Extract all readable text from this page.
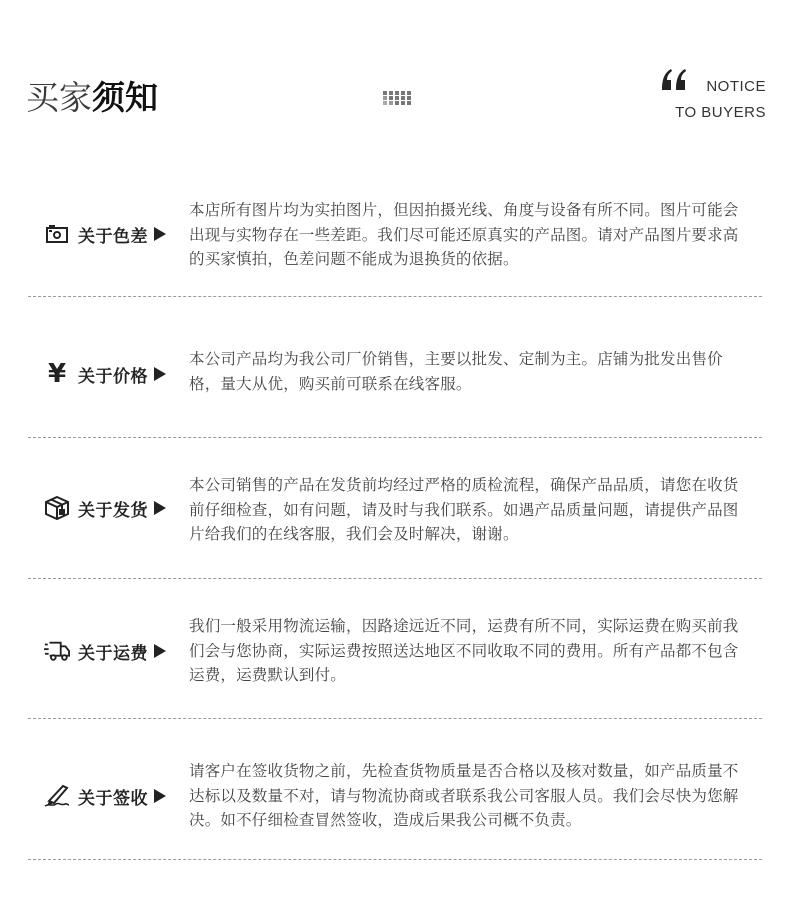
买家须知	NOTICE
TO BUYERS
关于色差
本店所有图片均为实拍图片，但因拍摄光线、角度与设备有所不同。图片可能会出现与实物存在一些差距。我们尽可能还原真实的产品图。请对产品图片要求高的买家慎拍，色差问题不能成为退换货的依据。
¥ 关于价格
本公司产品均为我公司厂价销售，主要以批发、定制为主。店铺为批发出售价格，量大从优，购买前可联系在线客服。
关于发货
本公司销售的产品在发货前均经过严格的质检流程，确保产品品质，请您在收货前仔细检查，如有问题，请及时与我们联系。如遇产品质量问题，请提供产品图片给我们的在线客服，我们会及时解决，谢谢。
关于运费
我们一般采用物流运输，因路途远近不同，运费有所不同，实际运费在购买前我们会与您协商，实际运费按照送达地区不同收取不同的费用。所有产品都不包含运费，运费默认到付。
关于签收
请客户在签收货物之前，先检查货物质量是否合格以及核对数量，如产品质量不达标以及数量不对，请与物流协商或者联系我公司客服人员。我们会尽快为您解决。如不仔细检查冒然签收，造成后果我公司概不负责。
